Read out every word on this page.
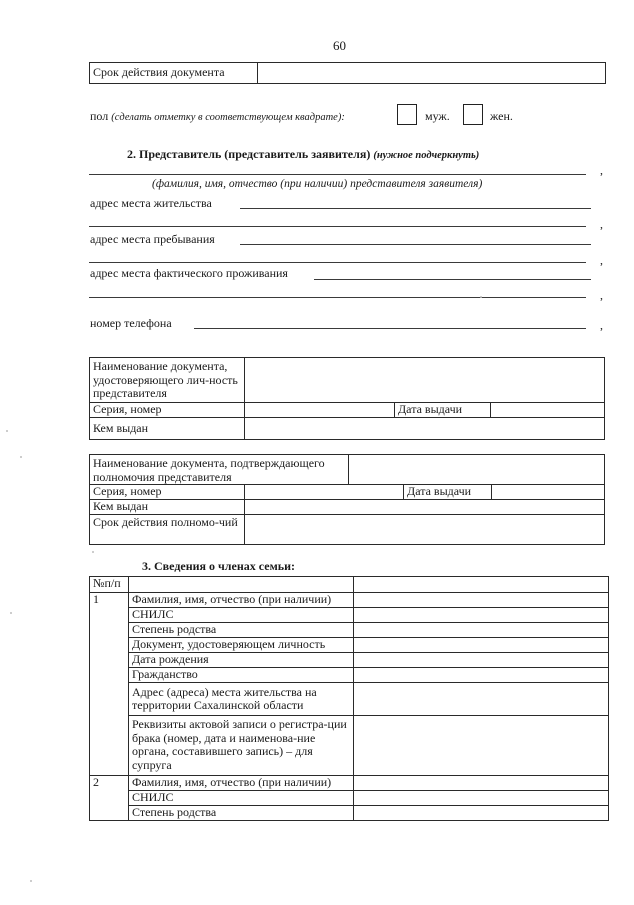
60
Срок действия документа	
пол (сделать отметку в соответствующем квадрате):	муж.	жен.
2. Представитель (представитель заявителя) (нужное подчеркнуть)
,
(фамилия, имя, отчество (при наличии) представителя заявителя)
адрес места жительства
,
адрес места пребывания
,
адрес места фактического проживания
,
номер телефона	,
Наименование документа, удостоверяющего лич-ность представителя			
Серия, номер		Дата выдачи	
Кем выдан			
Наименование документа, подтверждающего полномочия представителя				
Серия, номер			Дата выдачи	
Кем выдан				
Срок действия полномо-чий				
3. Сведения о членах семьи:
№п/п		
1	Фамилия, имя, отчество (при наличии)	
	СНИЛС	
	Степень родства	
	Документ, удостоверяющем личность	
	Дата рождения	
	Гражданство	
	Адрес (адреса) места жительства на территории Сахалинской области	
	Реквизиты актовой записи о регистра-ции брака (номер, дата и наименова-ние органа, составившего запись) – для супруга	
2	Фамилия, имя, отчество (при наличии)	
	СНИЛС	
	Степень родства	
